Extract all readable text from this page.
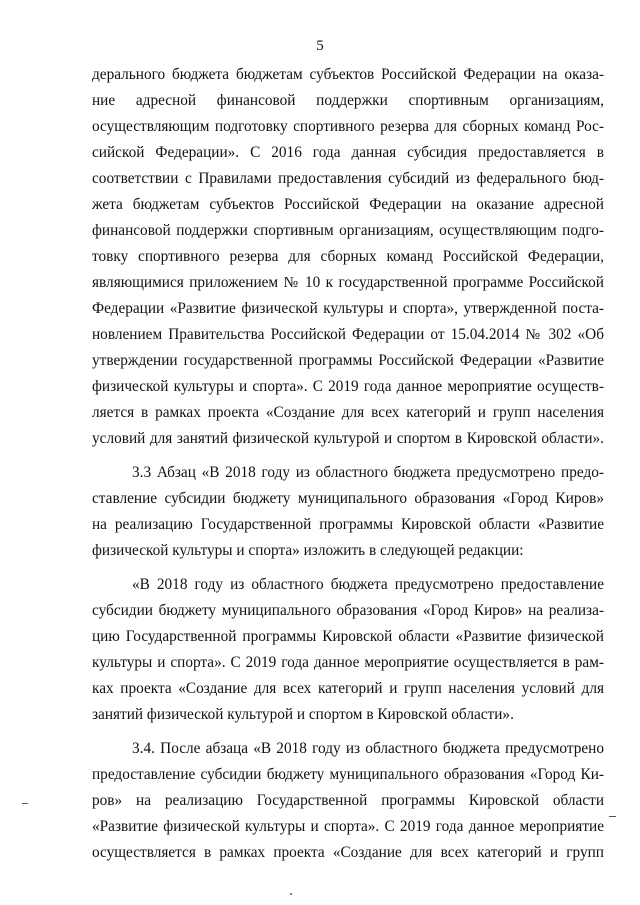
5
дерального бюджета бюджетам субъектов Российской Федерации на оказа-
ние адресной финансовой поддержки спортивным организациям,
осуществляющим подготовку спортивного резерва для сборных команд Рос-
сийской Федерации». С 2016 года данная субсидия предоставляется в
соответствии с Правилами предоставления субсидий из федерального бюд-
жета бюджетам субъектов Российской Федерации на оказание адресной
финансовой поддержки спортивным организациям, осуществляющим подго-
товку спортивного резерва для сборных команд Российской Федерации,
являющимися приложением № 10 к государственной программе Российской
Федерации «Развитие физической культуры и спорта», утвержденной поста-
новлением Правительства Российской Федерации от 15.04.2014 № 302 «Об
утверждении государственной программы Российской Федерации «Развитие
физической культуры и спорта». С 2019 года данное мероприятие осуществ-
ляется в рамках проекта «Создание для всех категорий и групп населения
условий для занятий физической культурой и спортом в Кировской области».
3.3 Абзац «В 2018 году из областного бюджета предусмотрено предо-
ставление субсидии бюджету муниципального образования «Город Киров»
на реализацию Государственной программы Кировской области «Развитие
физической культуры и спорта» изложить в следующей редакции:
«В 2018 году из областного бюджета предусмотрено предоставление
субсидии бюджету муниципального образования «Город Киров» на реализа-
цию Государственной программы Кировской области «Развитие физической
культуры и спорта». С 2019 года данное мероприятие осуществляется в рам-
ках проекта «Создание для всех категорий и групп населения условий для
занятий физической культурой и спортом в Кировской области».
3.4. После абзаца «В 2018 году из областного бюджета предусмотрено
предоставление субсидии бюджету муниципального образования «Город Ки-
ров» на реализацию Государственной программы Кировской области
«Развитие физической культуры и спорта». С 2019 года данное мероприятие
осуществляется в рамках проекта «Создание для всех категорий и групп
